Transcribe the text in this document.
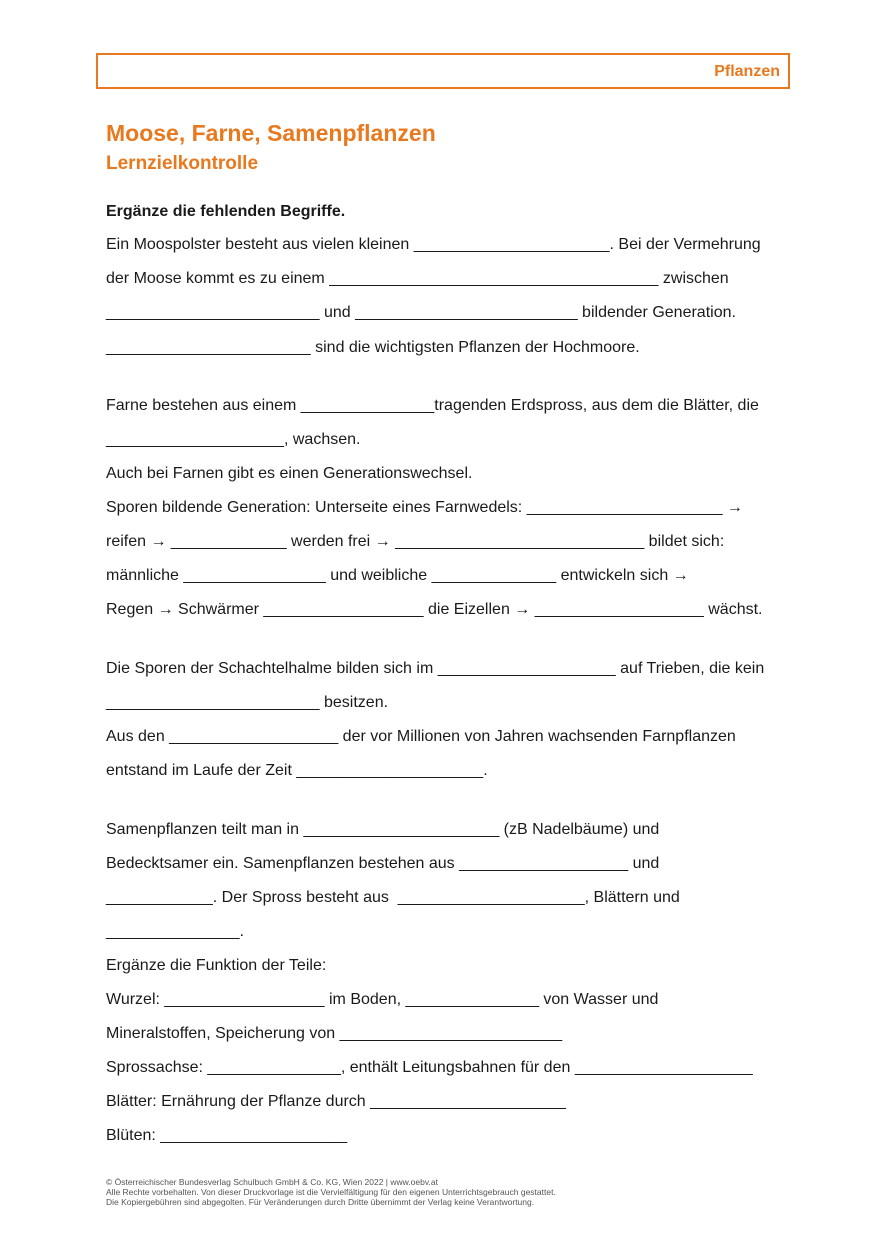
Pflanzen
Moose, Farne, Samenpflanzen
Lernzielkontrolle
Ergänze die fehlenden Begriffe.
Ein Moospolster besteht aus vielen kleinen ______________________. Bei der Vermehrung
der Moose kommt es zu einem _____________________________________ zwischen
________________________ und _________________________ bildender Generation.
_______________________ sind die wichtigsten Pflanzen der Hochmoore.
Farne bestehen aus einem _______________tragenden Erdspross, aus dem die Blätter, die
____________________, wachsen.
Auch bei Farnen gibt es einen Generationswechsel.
Sporen bildende Generation: Unterseite eines Farnwedels: ______________________ →
reifen → _____________ werden frei → ____________________________ bildet sich:
männliche ________________ und weibliche ______________ entwickeln sich →
Regen → Schwärmer __________________ die Eizellen → ___________________ wächst.
Die Sporen der Schachtelhalme bilden sich im ____________________ auf Trieben, die kein
________________________ besitzen.
Aus den ___________________ der vor Millionen von Jahren wachsenden Farnpflanzen
entstand im Laufe der Zeit _____________________.
Samenpflanzen teilt man in ______________________ (zB Nadelbäume) und
Bedecktsamer ein. Samenpflanzen bestehen aus ___________________ und
____________. Der Spross besteht aus  _____________________, Blättern und
_______________.
Ergänze die Funktion der Teile:
Wurzel: __________________ im Boden, _______________ von Wasser und
Mineralstoffen, Speicherung von _________________________
Sprossachse: _______________, enthält Leitungsbahnen für den ____________________
Blätter: Ernährung der Pflanze durch ______________________
Blüten: _____________________
© Österreichischer Bundesverlag Schulbuch GmbH & Co. KG, Wien 2022 | www.oebv.at
Alle Rechte vorbehalten. Von dieser Druckvorlage ist die Vervielfältigung für den eigenen Unterrichtsgebrauch gestattet.
Die Kopiergebühren sind abgegolten. Für Veränderungen durch Dritte übernimmt der Verlag keine Verantwortung.
